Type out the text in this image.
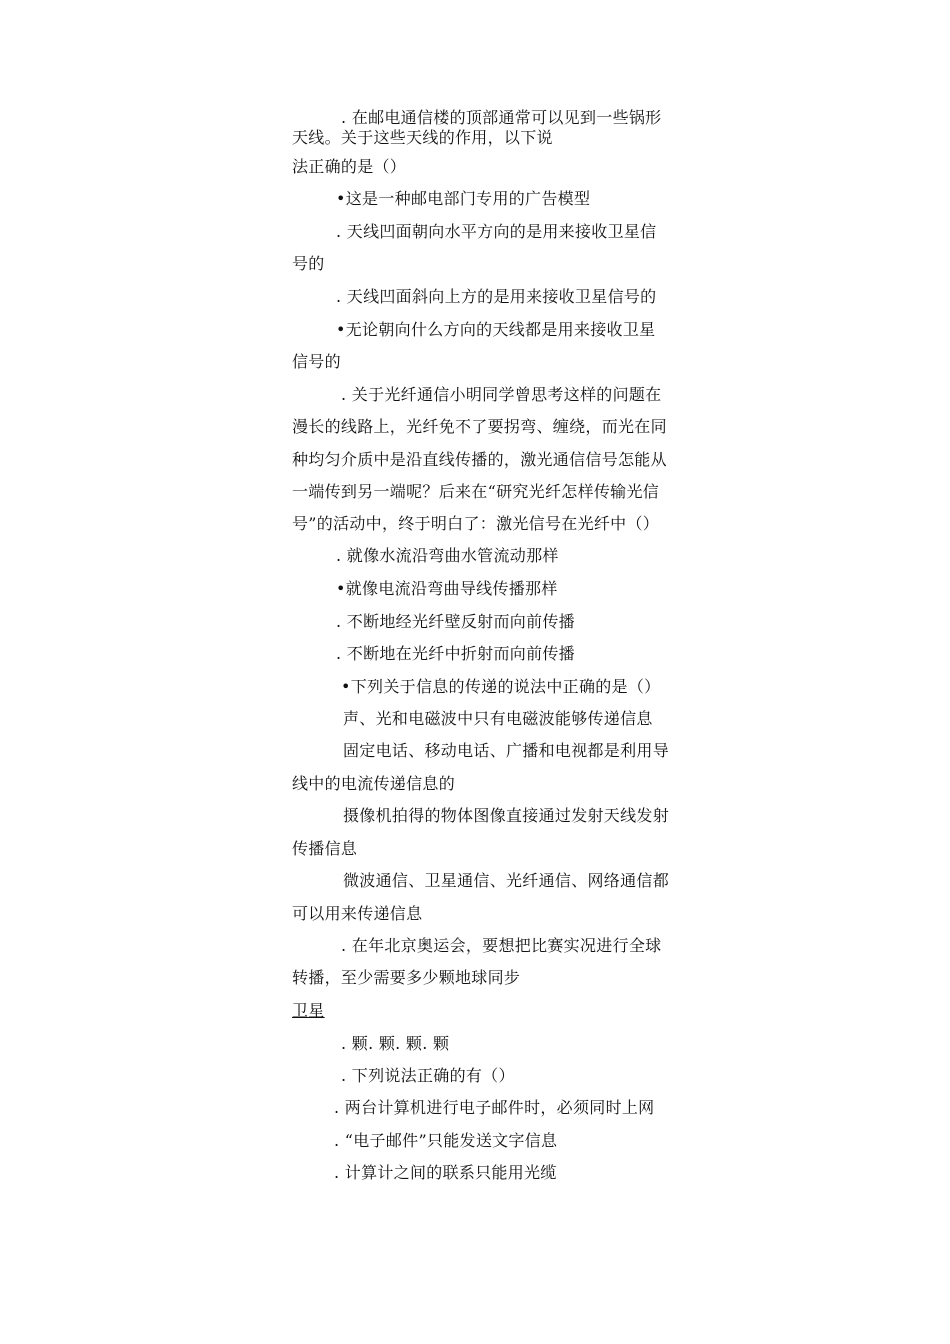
. 在邮电通信楼的顶部通常可以见到一些锅形
天线。关于这些天线的作用，以下说
法正确的是（）
•这是一种邮电部门专用的广告模型
. 天线凹面朝向水平方向的是用来接收卫星信
号的
. 天线凹面斜向上方的是用来接收卫星信号的
•无论朝向什么方向的天线都是用来接收卫星
信号的
. 关于光纤通信小明同学曾思考这样的问题在
漫长的线路上，光纤免不了要拐弯、缠绕，而光在同
种均匀介质中是沿直线传播的，激光通信信号怎能从
一端传到另一端呢？后来在“研究光纤怎样传输光信
号”的活动中，终于明白了：激光信号在光纤中（）
. 就像水流沿弯曲水管流动那样
•就像电流沿弯曲导线传播那样
. 不断地经光纤壁反射而向前传播
. 不断地在光纤中折射而向前传播
•下列关于信息的传递的说法中正确的是（）
声、光和电磁波中只有电磁波能够传递信息
固定电话、移动电话、广播和电视都是利用导
线中的电流传递信息的
摄像机拍得的物体图像直接通过发射天线发射
传播信息
微波通信、卫星通信、光纤通信、网络通信都
可以用来传递信息
. 在年北京奥运会，要想把比赛实况进行全球
转播，至少需要多少颗地球同步
卫星
. 颗. 颗. 颗. 颗
. 下列说法正确的有（）
. 两台计算机进行电子邮件时，必须同时上网
. “电子邮件”只能发送文字信息
. 计算计之间的联系只能用光缆
